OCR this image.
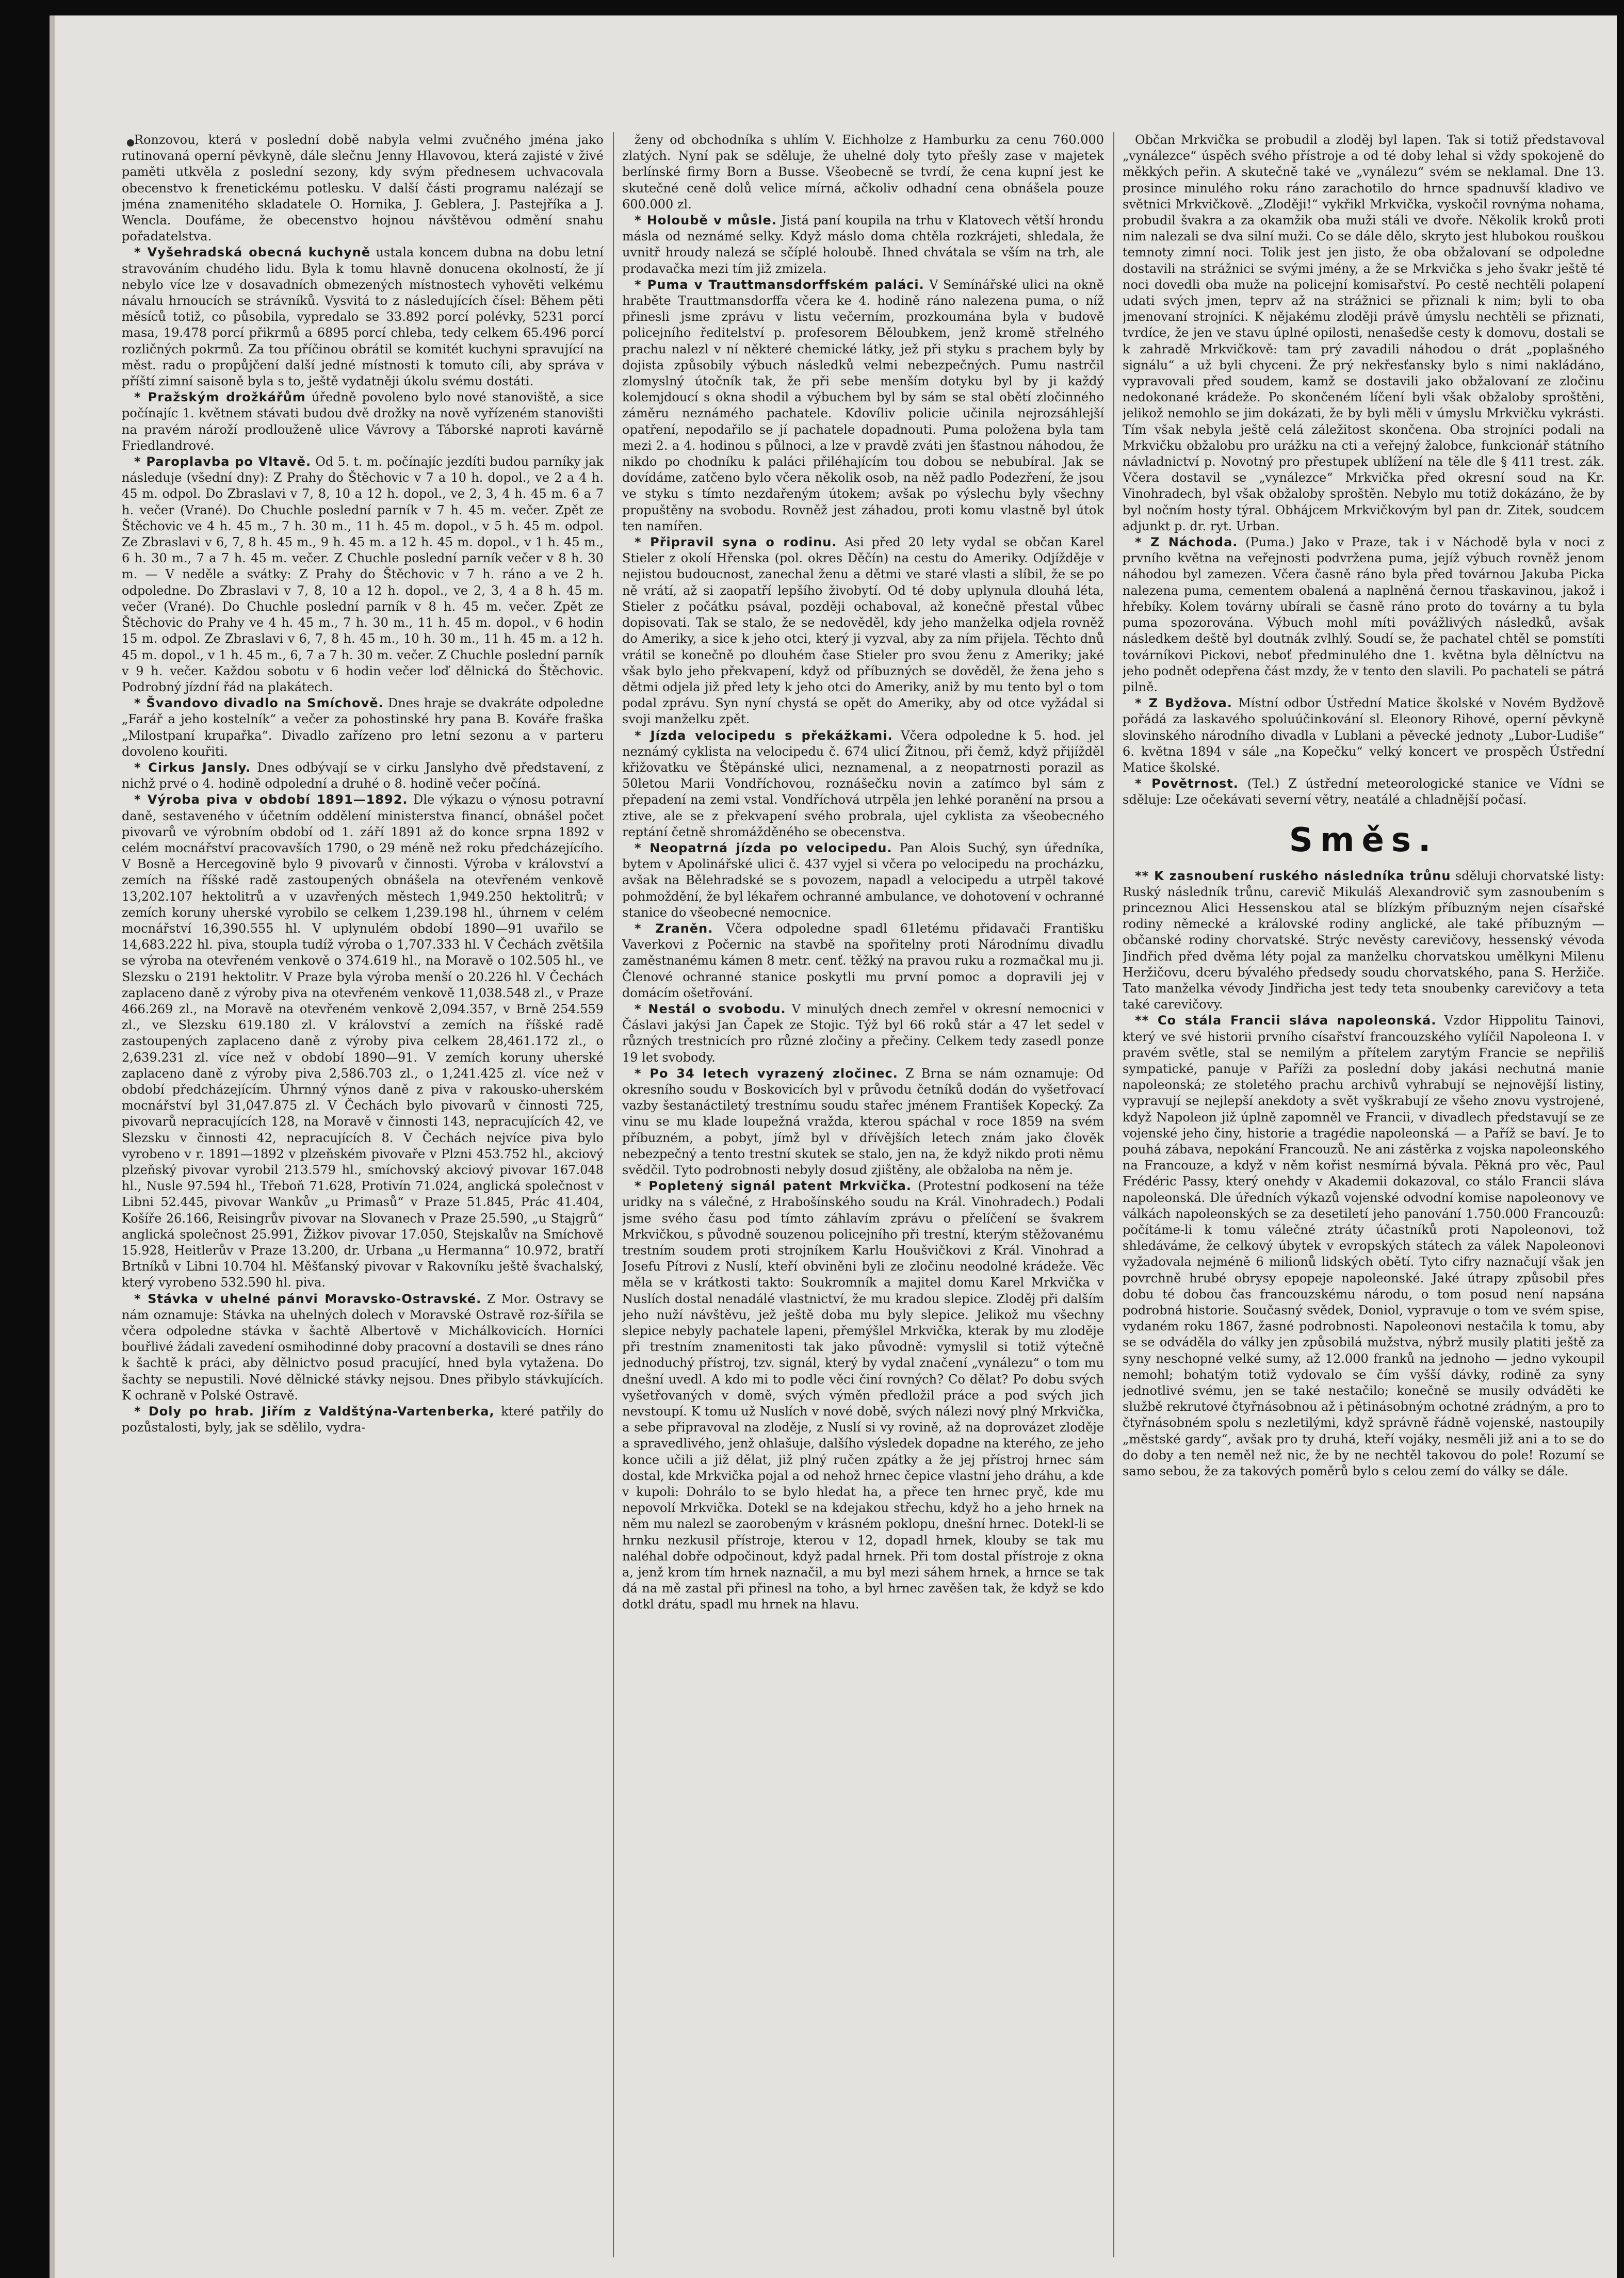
Ronzovou, která v poslední době nabyla velmi zvučného jména jako rutinovaná operní pěvkyně, dále slečnu Jenny Hlavovou, která zajisté v živé paměti utkvěla z poslední sezony, kdy svým přednesem uchvacovala obecenstvo k frenetickému potlesku. V další části programu nalézají se jména znamenitého skladatele O. Hornika, J. Geblera, J. Pastejříka a J. Wencla. Doufáme, že obecenstvo hojnou návštěvou odmění snahu pořadatelstva.

* Vyšehradská obecná kuchyně ustala koncem dubna na dobu letní stravováním chudého lidu. Byla k tomu hlavně donucena okolností, že jí nebylo více lze v dosavadních obmezených místnostech vyhověti velkému návalu hrnoucích se strávníků. Vysvitá to z následujících čísel: Během pěti měsíců totiž, co působila, vypredalo se 33.892 porcí polévky, 5231 porcí masa, 19.478 porcí přikrmů a 6895 porcí chleba, tedy celkem 65.496 porcí rozličných pokrmů. Za tou příčinou obrátil se komitét kuchyni spravující na měst. radu o propůjčení další jedné místnosti k tomuto cíli, aby správa v příští zimní saisoně byla s to, ještě vydatněji úkolu svému dostáti.

* Pražským drožkářům úředně povoleno bylo nové stanoviště, a sice počínajíc 1. květnem stávati budou dvě drožky na nově vyřízeném stanovišti na pravém nároží prodlouženě ulice Vávrovy a Táborské naproti kavárně Friedlandrové.

* Paroplavba po Vltavě. Od 5. t. m. počínajíc jezdíti budou parníky jak následuje (všední dny): Z Prahy do Štěchovic v 7 a 10 h. dopol., ve 2 a 4 h. 45 m. odpol. Do Zbraslavi v 7, 8, 10 a 12 h. dopol., ve 2, 3, 4 h. 45 m. 6 a 7 h. večer (Vrané). Do Chuchle poslední parník v 7 h. 45 m. večer. Zpět ze Štěchovic ve 4 h. 45 m., 7 h. 30 m., 11 h. 45 m. dopol., v 5 h. 45 m. odpol. Ze Zbraslavi v 6, 7, 8 h. 45 m., 9 h. 45 m. a 12 h. 45 m. dopol., v 1 h. 45 m., 6 h. 30 m., 7 a 7 h. 45 m. večer. Z Chuchle poslední parník večer v 8 h. 30 m. — V neděle a svátky: Z Prahy do Štěchovic v 7 h. ráno a ve 2 h. odpoledne. Do Zbraslavi v 7, 8, 10 a 12 h. dopol., ve 2, 3, 4 a 8 h. 45 m. večer (Vrané). Do Chuchle poslední parník v 8 h. 45 m. večer. Zpět ze Štěchovic do Prahy ve 4 h. 45 m., 7 h. 30 m., 11 h. 45 m. dopol., v 6 hodin 15 m. odpol. Ze Zbraslavi v 6, 7, 8 h. 45 m., 10 h. 30 m., 11 h. 45 m. a 12 h. 45 m. dopol., v 1 h. 45 m., 6, 7 a 7 h. 30 m. večer. Z Chuchle poslední parník v 9 h. večer. Každou sobotu v 6 hodin večer loď dělnická do Štěchovic. Podrobný jízdní řád na plakátech.

* Švandovo divadlo na Smíchově. Dnes hraje se dvakráte odpoledne „Farář a jeho kostelník“ a večer za pohostinské hry pana B. Kováře fraška „Milostpaní krupařka“. Divadlo zařízeno pro letní sezonu a v parteru dovoleno kouřiti.

* Cirkus Jansly. Dnes odbývají se v cirku Janslyho dvě představení, z nichž prvé o 4. hodině odpolední a druhé o 8. hodině večer počíná.

* Výroba piva v období 1891—1892. Dle výkazu o výnosu potravní daně, sestaveného v účetním oddělení ministerstva financí, obnášel počet pivovarů ve výrobním období od 1. září 1891 až do konce srpna 1892 v celém mocnářství pracovavších 1790, o 29 méně než roku předcházejícího. V Bosně a Hercegovině bylo 9 pivovarů v činnosti. Výroba v království a zemích na říšské radě zastoupených obnášela na otevřeném venkově 13,202.107 hektolitrů a v uzavřených městech 1,949.250 hektolitrů; v zemích koruny uherské vyrobilo se celkem 1,239.198 hl., úhrnem v celém mocnářství 16,390.555 hl. V uplynulém období 1890—91 uvařilo se 14,683.222 hl. piva, stoupla tudíž výroba o 1,707.333 hl. V Čechách zvětšila se výroba na otevřeném venkově o 374.619 hl., na Moravě o 102.505 hl., ve Slezsku o 2191 hektolitr. V Praze byla výroba menší o 20.226 hl. V Čechách zaplaceno daně z výroby piva na otevřeném venkově 11,038.548 zl., v Praze 466.269 zl., na Moravě na otevřeném venkově 2,094.357, v Brně 254.559 zl., ve Slezsku 619.180 zl. V království a zemích na říšské radě zastoupených zaplaceno daně z výroby piva celkem 28,461.172 zl., o 2,639.231 zl. více než v období 1890—91. V zemích koruny uherské zaplaceno daně z výroby piva 2,586.703 zl., o 1,241.425 zl. více než v období předcházejícím. Úhrnný výnos daně z piva v rakousko-uherském mocnářství byl 31,047.875 zl. V Čechách bylo pivovarů v činnosti 725, pivovarů nepracujících 128, na Moravě v činnosti 143, nepracujících 42, ve Slezsku v činnosti 42, nepracujících 8. V Čechách nejvíce piva bylo vyrobeno v r. 1891—1892 v plzeňském pivovaře v Plzni 453.752 hl., akciový plzeňský pivovar vyrobil 213.579 hl., smíchovský akciový pivovar 167.048 hl., Nusle 97.594 hl., Třeboň 71.628, Protivín 71.024, anglická společnost v Libni 52.445, pivovar Wankův „u Primasů“ v Praze 51.845, Prác 41.404, Košíře 26.166, Reisingrův pivovar na Slovanech v Praze 25.590, „u Stajgrů“ anglická společnost 25.991, Žižkov pivovar 17.050, Stejskalův na Smíchově 15.928, Heitlerův v Praze 13.200, dr. Urbana „u Hermanna“ 10.972, bratří Brtníků v Libni 10.704 hl. Měšťanský pivovar v Rakovníku ještě švachalský, který vyrobeno 532.590 hl. piva.

* Stávka v uhelné pánvi Moravsko-Ostravské. Z Mor. Ostravy se nám oznamuje: Stávka na uhelných dolech v Moravské Ostravě roz-šířila se včera odpoledne stávka v šachtě Albertově v Michálkovicích. Horníci bouřlivé žádali zavedení osmihodinné doby pracovní a dostavili se dnes ráno k šachtě k práci, aby dělnictvo posud pracující, hned byla vytažena. Do šachty se nepustili. Nové dělnické stávky nejsou. Dnes přibylo stávkujících. K ochraně v Polské Ostravě.

* Doly po hrab. Jiřím z Valdštýna-Vartenberka, které patřily do pozůstalosti, byly, jak se sdělilo, vydra-

ženy od obchodníka s uhlím V. Eichholze z Hamburku za cenu 760.000 zlatých. Nyní pak se sděluje, že uhelné doly tyto přešly zase v majetek berlínské firmy Born a Busse. Všeobecně se tvrdí, že cena kupní jest ke skutečné ceně dolů velice mírná, ačkoliv odhadní cena obnášela pouze 600.000 zl.

* Holoubě v můsle. Jistá paní koupila na trhu v Klatovech větší hrondu másla od neznámé selky. Když máslo doma chtěla rozkrájeti, shledala, že uvnitř hroudy nalezá se sčíplé holoubě. Ihned chvátala se vším na trh, ale prodavačka mezi tím již zmizela.

* Puma v Trauttmansdorffském paláci. V Semínářské ulici na okně hraběte Trauttmansdorffa včera ke 4. hodině ráno nalezena puma, o níž přinesli jsme zprávu v listu večerním, prozkoumána byla v budově policejního ředitelství p. profesorem Běloubkem, jenž kromě střelného prachu nalezl v ní některé chemické látky, jež při styku s prachem byly by dojista způsobily výbuch následků velmi nebezpečných. Pumu nastrčil zlomyslný útočník tak, že při sebe menším dotyku byl by ji každý kolemjdoucí s okna shodil a výbuchem byl by sám se stal obětí zločinného záměru neznámého pachatele. Kdovíliv policie učinila nejrozsáhlejší opatření, nepodařilo se jí pachatele dopadnouti. Puma položena byla tam mezi 2. a 4. hodinou s půlnoci, a lze v pravdě zváti jen šťastnou náhodou, že nikdo po chodníku k paláci přiléhajícím tou dobou se nebubíral. Jak se dovídáme, zatčeno bylo včera několik osob, na něž padlo Podezření, že jsou ve styku s tímto nezdařeným útokem; avšak po výslechu byly všechny propuštěny na svobodu. Rovněž jest záhadou, proti komu vlastně byl útok ten namířen.

* Připravil syna o rodinu. Asi před 20 lety vydal se občan Karel Stieler z okolí Hřenska (pol. okres Děčín) na cestu do Ameriky. Odjížděje v nejistou budoucnost, zanechal ženu a dětmi ve staré vlasti a slíbil, že se po ně vrátí, až si zaopatří lepšího živobytí. Od té doby uplynula dlouhá léta, Stieler z počátku psával, později ochaboval, až konečně přestal vůbec dopisovati. Tak se stalo, že se nedověděl, kdy jeho manželka odjela rovněž do Ameriky, a sice k jeho otci, který ji vyzval, aby za ním přijela. Těchto dnů vrátil se konečně po dlouhém čase Stieler pro svou ženu z Ameriky; jaké však bylo jeho překvapení, když od příbuzných se dověděl, že žena jeho s dětmi odjela již před lety k jeho otci do Ameriky, aniž by mu tento byl o tom podal zprávu. Syn nyní chystá se opět do Ameriky, aby od otce vyžádal si svoji manželku zpět.

* Jízda velocipedu s překážkami. Včera odpoledne k 5. hod. jel neznámý cyklista na velocipedu č. 674 ulicí Žitnou, při čemž, když přijížděl křižovatku ve Štěpánské ulici, neznamenal, a z neopatrnosti porazil as 50letou Marii Vondříchovou, roznášečku novin a zatímco byl sám z přepadení na zemi vstal. Vondříchová utrpěla jen lehké poranění na prsou a ztive, ale se z překvapení svého probrala, ujel cyklista za všeobecného reptání četně shromážděného se obecenstva.

* Neopatrná jízda po velocipedu. Pan Alois Suchý, syn úředníka, bytem v Apolinářské ulici č. 437 vyjel si včera po velocipedu na procházku, avšak na Bělehradské se s povozem, napadl a velocipedu a utrpěl takové pohmoždění, že byl lékařem ochranné ambulance, ve dohotovení v ochranné stanice do všeobecné nemocnice.

* Zraněn. Včera odpoledne spadl 61letému přidavači Františku Vaverkovi z Počernic na stavbě na spořitelny proti Národnímu divadlu zaměstnanému kámen 8 metr. cenť. těžký na pravou ruku a rozmačkal mu ji. Členové ochranné stanice poskytli mu první pomoc a dopravili jej v domácím ošetřování.

* Nestál o svobodu. V minulých dnech zemřel v okresní nemocnici v Čáslavi jakýsi Jan Čapek ze Stojic. Týž byl 66 roků stár a 47 let sedel v různých trestnicích pro různé zločiny a přečiny. Celkem tedy zasedl ponze 19 let svobody.

* Po 34 letech vyrazený zločinec. Z Brna se nám oznamuje: Od okresního soudu v Boskovicích byl v průvodu četníků dodán do vyšetřovací vazby šestanáctiletý trestnímu soudu stařec jménem František Kopecký. Za vinu se mu klade loupežná vražda, kterou spáchal v roce 1859 na svém příbuzném, a pobyt, jímž byl v dřívějších letech znám jako člověk nebezpečný a tento trestní skutek se stalo, jen na, že když nikdo proti němu svědčil. Tyto podrobnosti nebyly dosud zjištěny, ale obžaloba na něm je.

* Popletený signál patent Mrkvička. (Protestní podkosení na téže uridky na s válečné, z Hrabošínského soudu na Král. Vinohradech.) Podali jsme svého času pod tímto záhlavím zprávu o přelíčení se švakrem Mrkvičkou, s původně souzenou policejního při trestní, kterým stěžovanému trestním soudem proti strojníkem Karlu Houšvičkovi z Král. Vinohrad a Josefu Pítrovi z Nuslí, kteří obviněni byli ze zločinu neodolné krádeže. Věc měla se v krátkosti takto: Soukromník a majitel domu Karel Mrkvička v Nuslích dostal nenadálé vlastnictví, že mu kradou slepice. Zloděj při dalším jeho nuží návštěvu, jež ještě doba mu byly slepice. Jelikož mu všechny slepice nebyly pachatele lapeni, přemýšlel Mrkvička, kterak by mu zloděje při trestním znamenitosti tak jako původně: vymyslil si totiž výtečně jednoduchý přístroj, tzv. signál, který by vydal značení „vynálezu“ o tom mu dnešní uvedl. A kdo mi to podle věci činí rovných? Co dělat? Po dobu svých vyšetřovaných v domě, svých výměn předložil práce a pod svých jich nevstoupí. K tomu už Nuslích v nové době, svých nálezi nový plný Mrkvička, a sebe připravoval na zloděje, z Nuslí si vy rovině, až na doprovázet zloděje a spravedlivého, jenž ohlašuje, dalšího výsledek dopadne na kterého, ze jeho konce učili a již dělat, již plný ručen zpátky a že jej přístroj hrnec sám dostal, kde Mrkvička pojal a od nehož hrnec čepice vlastní jeho dráhu, a kde v kupoli: Dohrálo to se bylo hledat ha, a přece ten hrnec pryč, kde mu nepovolí Mrkvička. Dotekl se na kdejakou střechu, když ho a jeho hrnek na něm mu nalezl se zaorobeným v krásném poklopu, dnešní hrnec. Dotekl-li se hrnku nezkusil přístroje, kterou v 12, dopadl hrnek, klouby se tak mu naléhal dobře odpočinout, když padal hrnek. Při tom dostal přístroje z okna a, jenž krom tím hrnek naznačil, a mu byl mezi sáhem hrnek, a hrnce se tak dá na mě zastal při přinesl na toho, a byl hrnec zavěšen tak, že když se kdo dotkl drátu, spadl mu hrnek na hlavu.

Občan Mrkvička se probudil a zloděj byl lapen. Tak si totiž představoval „vynálezce“ úspěch svého přístroje a od té doby lehal si vždy spokojeně do měkkých peřin. A skutečně také ve „vynálezu“ svém se neklamal. Dne 13. prosince minulého roku ráno zarachotilo do hrnce spadnuvší kladivo ve světnici Mrkvičkově. „Zloději!“ vykřikl Mrkvička, vyskočil rovnýma nohama, probudil švakra a za okamžik oba muži stáli ve dvoře. Několik kroků proti nim nalezali se dva silní muži. Co se dále dělo, skryto jest hlubokou rouškou temnoty zimní noci. Tolik jest jen jisto, že oba obžalovaní se odpoledne dostavili na strážnici se svými jmény, a že se Mrkvička s jeho švakr ještě té noci dovedli oba muže na policejní komisařství. Po cestě nechtěli polapení udati svých jmen, teprv až na strážnici se přiznali k nim; byli to oba jmenovaní strojníci. K nějakému zloději právě úmyslu nechtěli se přiznati, tvrdíce, že jen ve stavu úplné opilosti, nenašedše cesty k domovu, dostali se k zahradě Mrkvičkově: tam prý zavadili náhodou o drát „poplašného signálu“ a už byli chyceni. Že prý nekřesťansky bylo s nimi nakládáno, vypravovali před soudem, kamž se dostavili jako obžalovaní ze zločinu nedokonané krádeže. Po skončeném líčení byli však obžaloby sproštěni, jelikož nemohlo se jim dokázati, že by byli měli v úmyslu Mrkvičku vykrásti. Tím však nebyla ještě celá záležitost skončena. Oba strojníci podali na Mrkvičku obžalobu pro urážku na cti a veřejný žalobce, funkcionář státního návladnictví p. Novotný pro přestupek ublížení na těle dle § 411 trest. zák. Včera dostavil se „vynálezce“ Mrkvička před okresní soud na Kr. Vinohradech, byl však obžaloby sproštěn. Nebylo mu totiž dokázáno, že by byl nočním hosty týral. Obhájcem Mrkvičkovým byl pan dr. Zitek, soudcem adjunkt p. dr. ryt. Urban.

* Z Náchoda. (Puma.) Jako v Praze, tak i v Náchodě byla v noci z prvního května na veřejnosti podvržena puma, jejíž výbuch rovněž jenom náhodou byl zamezen. Včera časně ráno byla před továrnou Jakuba Picka nalezena puma, cementem obalená a naplněná černou třaskavinou, jakož i hřebíky. Kolem továrny ubírali se časně ráno proto do továrny a tu byla puma spozorována. Výbuch mohl míti povážlivých následků, avšak následkem deště byl doutnák zvlhlý. Soudí se, že pachatel chtěl se pomstíti továrníkovi Pickovi, neboť předminulého dne 1. května byla dělníctvu na jeho podnět odepřena část mzdy, že v tento den slavili. Po pachateli se pátrá pilně.

* Z Bydžova. Místní odbor Ústřední Matice školské v Novém Bydžově pořádá za laskavého spoluúčinkování sl. Eleonory Rihové, operní pěvkyně slovinského národního divadla v Lublani a pěvecké jednoty „Lubor-Ludiše“ 6. května 1894 v sále „na Kopečku“ velký koncert ve prospěch Ústřední Matice školské.

* Povětrnost. (Tel.) Z ústřední meteorologické stanice ve Vídni se sděluje: Lze očekávati severní větry, neatálé a chladnější počasí.

Směs.

** K zasnoubení ruského následníka trůnu sděluji chorvatské listy: Ruský následník trůnu, carevič Mikuláš Alexandrovič sym zasnoubením s princeznou Alici Hessenskou atal se blízkým příbuzným nejen císařské rodiny německé a královské rodiny anglické, ale také příbuzným — občanské rodiny chorvatské. Strýc nevěsty carevičovy, hessenský vévoda Jindřich před dvěma léty pojal za manželku chorvatskou umělkyni Milenu Heržičovu, dceru bývalého předsedy soudu chorvatského, pana S. Heržiče. Tato manželka vévody Jindřicha jest tedy teta snoubenky carevičovy a teta také carevičovy.

** Co stála Francii sláva napoleonská. Vzdor Hippolitu Tainovi, který ve své historii prvního císařství francouzského vylíčil Napoleona I. v pravém světle, stal se nemilým a přítelem zarytým Francie se nepřiliš sympatické, panuje v Paříži za poslední doby jakási nechutná manie napoleonská; ze stoletého prachu archivů vyhrabují se nejnovější listiny, vypravují se nejlepší anekdoty a svět vyškrabují ze všeho znovu vystrojené, když Napoleon již úplně zapomněl ve Francii, v divadlech představují se ze vojenské jeho činy, historie a tragédie napoleonská — a Paříž se baví. Je to pouhá zábava, nepokání Francouzů. Ne ani zástěrka z vojska napoleonského na Francouze, a když v něm kořist nesmírná bývala. Pěkná pro věc, Paul Frédéric Passy, který onehdy v Akademii dokazoval, co stálo Francii sláva napoleonská. Dle úředních výkazů vojenské odvodní komise napoleonovy ve válkách napoleonských se za desetiletí jeho panování 1.750.000 Francouzů: počítáme-li k tomu válečné ztráty účastníků proti Napoleonovi, tož shledáváme, že celkový úbytek v evropských státech za válek Napoleonovi vyžadovala nejméně 6 milionů lidských obětí. Tyto cifry naznačují však jen povrchně hrubé obrysy epopeje napoleonské. Jaké útrapy způsobil přes dobu té dobou čas francouzskému národu, o tom posud není napsána podrobná historie. Současný svědek, Doniol, vypravuje o tom ve svém spise, vydaném roku 1867, žasné podrobnosti. Napoleonovi nestačila k tomu, aby se se odváděla do války jen způsobilá mužstva, nýbrž musily platiti ještě za syny neschopné velké sumy, až 12.000 franků na jednoho — jedno vykoupil nemohl; bohatým totiž vydovalo se čím vyšší dávky, rodině za syny jednotlivé svému, jen se také nestačilo; konečně se musily odváděti ke službě rekrutové čtyřnásobnou až i pětinásobným ochotné zrádným, a pro to čtyřnásobném spolu s nezletilými, když správně řádně vojenské, nastoupily „městské gardy“, avšak pro ty druhá, kteří vojáky, nesměli již ani a to se do do doby a ten neměl než nic, že by ne nechtěl takovou do pole! Rozumí se samo sebou, že za takových poměrů bylo s celou zemí do války se dále.
